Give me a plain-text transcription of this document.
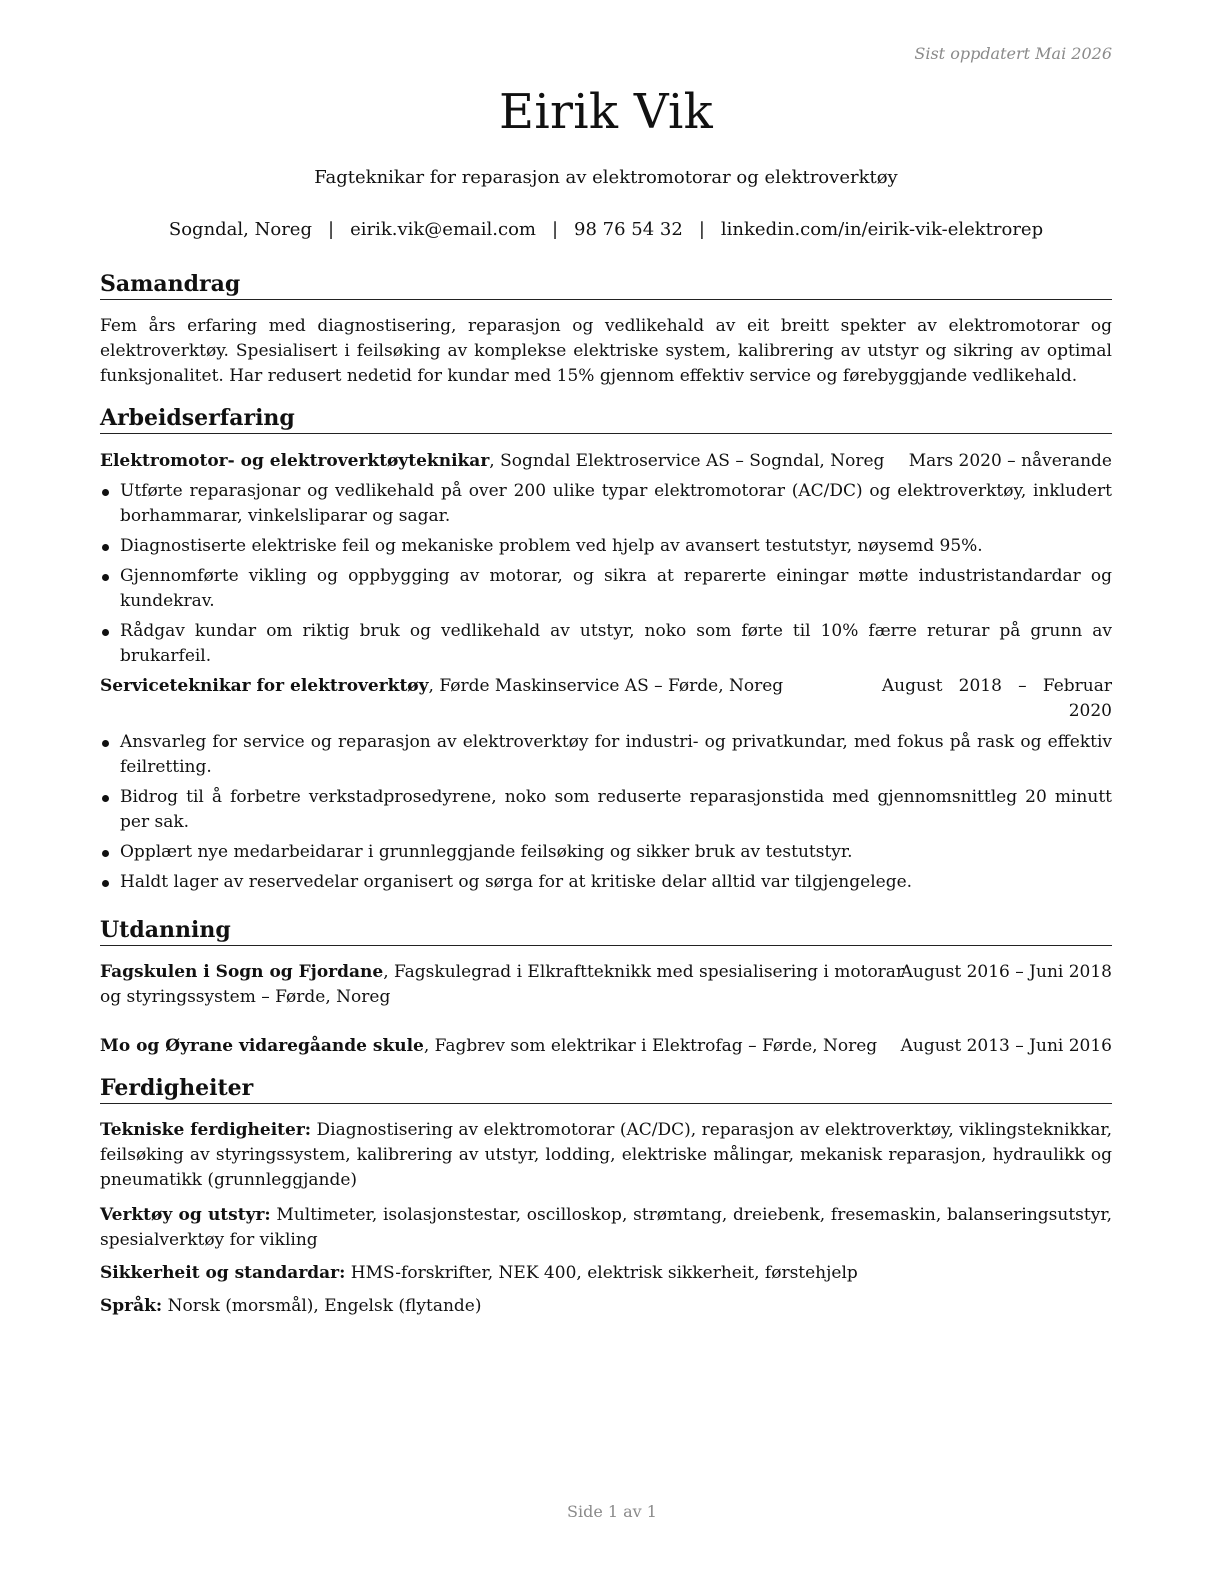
Sist oppdatert Mai 2026
Eirik Vik
Fagteknikar for reparasjon av elektromotorar og elektroverktøy
Sogndal, Noreg | eirik.vik@email.com | 98 76 54 32 | linkedin.com/in/eirik-vik-elektrorep
Samandrag
Fem års erfaring med diagnostisering, reparasjon og vedlikehald av eit breitt spekter av elektromotorar og elektroverktøy. Spesialisert i feilsøking av komplekse elektriske system, kalibrering av utstyr og sikring av optimal funksjonalitet. Har redusert nedetid for kundar med 15% gjennom effektiv service og førebyggjande vedlikehald.
Arbeidserfaring
Elektromotor- og elektroverktøyteknikar, Sogndal Elektroservice AS – Sogndal, Noreg Mars 2020 – nåverande
Utførte reparasjonar og vedlikehald på over 200 ulike typar elektromotorar (AC/DC) og elektroverktøy, inkludert borhammarar, vinkelsliparar og sagar.
Diagnostiserte elektriske feil og mekaniske problem ved hjelp av avansert testutstyr, nøysemd 95%.
Gjennomførte vikling og oppbygging av motorar, og sikra at reparerte einingar møtte industristandardar og kundekrav.
Rådgav kundar om riktig bruk og vedlikehald av utstyr, noko som førte til 10% færre returar på grunn av brukarfeil.
Serviceteknikar for elektroverktøy, Førde Maskinservice AS – Førde, Noreg	August   2018   –   Februar
2020
Ansvarleg for service og reparasjon av elektroverktøy for industri- og privatkundar, med fokus på rask og effektiv feilretting.
Bidrog til å forbetre verkstadprosedyrene, noko som reduserte reparasjonstida med gjennomsnittleg 20 minutt per sak.
Opplært nye medarbeidarar i grunnleggjande feilsøking og sikker bruk av testutstyr.
Haldt lager av reservedelar organisert og sørga for at kritiske delar alltid var tilgjengelege.
Utdanning
Fagskulen i Sogn og Fjordane, Fagskulegrad i Elkraftteknikk med spesialisering i motorar
og styringssystem – Førde, Noreg
August 2016 – Juni 2018
Mo og Øyrane vidaregåande skule, Fagbrev som elektrikar i Elektrofag – Førde, Noreg August 2013 – Juni 2016
Ferdigheiter
Tekniske ferdigheiter: Diagnostisering av elektromotorar (AC/DC), reparasjon av elektroverktøy, viklingsteknikkar, feilsøking av styringssystem, kalibrering av utstyr, lodding, elektriske målingar, mekanisk reparasjon, hydraulikk og pneumatikk (grunnleggjande)
Verktøy og utstyr: Multimeter, isolasjonstestar, oscilloskop, strømtang, dreiebenk, fresemaskin, balanseringsutstyr, spesialverktøy for vikling
Sikkerheit og standardar: HMS-forskrifter, NEK 400, elektrisk sikkerheit, førstehjelp
Språk: Norsk (morsmål), Engelsk (flytande)
Side 1 av 1
